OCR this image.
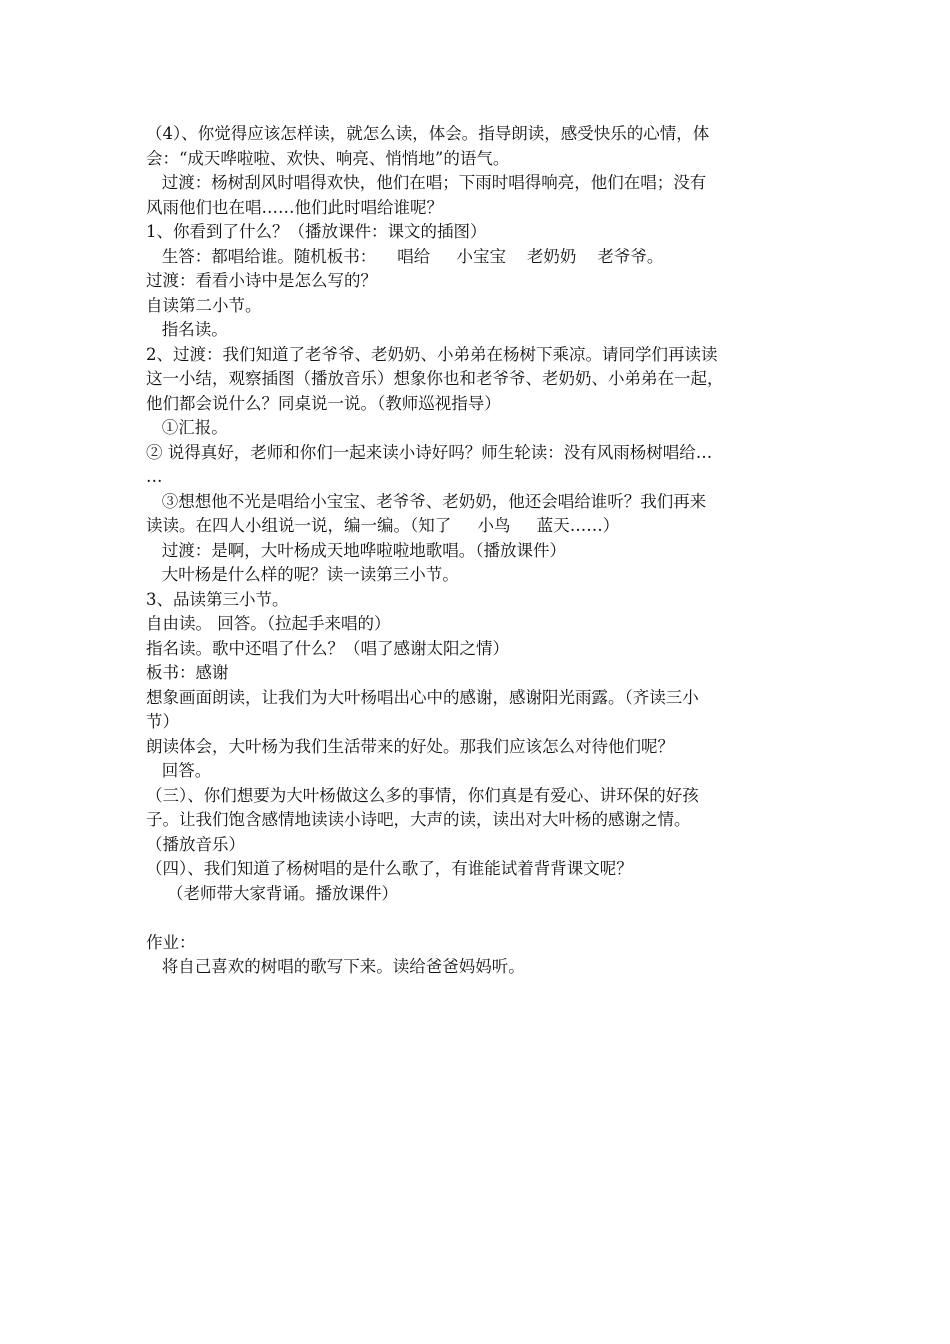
（4）、你觉得应该怎样读，就怎么读，体会。指导朗读，感受快乐的心情，体
会：“成天哗啦啦、欢快、响亮、悄悄地”的语气。
过渡：杨树刮风时唱得欢快，他们在唱；下雨时唱得响亮，他们在唱；没有
风雨他们也在唱……他们此时唱给谁呢？
1、你看到了什么？（播放课件：课文的插图）
生答：都唱给谁。随机板书：    唱给     小宝宝    老奶奶    老爷爷。
过渡：看看小诗中是怎么写的？
自读第二小节。
指名读。
2、过渡：我们知道了老爷爷、老奶奶、小弟弟在杨树下乘凉。请同学们再读读
这一小结，观察插图（播放音乐）想象你也和老爷爷、老奶奶、小弟弟在一起，
他们都会说什么？同桌说一说。（教师巡视指导）
①汇报。
② 说得真好，老师和你们一起来读小诗好吗？师生轮读：没有风雨杨树唱给…
…
③想想他不光是唱给小宝宝、老爷爷、老奶奶，他还会唱给谁听？我们再来
读读。在四人小组说一说，编一编。（知了     小鸟     蓝天……）
过渡：是啊，大叶杨成天地哗啦啦地歌唱。（播放课件）
大叶杨是什么样的呢？读一读第三小节。
3、品读第三小节。
自由读。 回答。（拉起手来唱的）
指名读。歌中还唱了什么？（唱了感谢太阳之情）
板书：感谢
想象画面朗读，让我们为大叶杨唱出心中的感谢，感谢阳光雨露。（齐读三小
节）
朗读体会，大叶杨为我们生活带来的好处。那我们应该怎么对待他们呢？
回答。
（三）、你们想要为大叶杨做这么多的事情，你们真是有爱心、讲环保的好孩
子。让我们饱含感情地读读小诗吧，大声的读，读出对大叶杨的感谢之情。
（播放音乐）
（四）、我们知道了杨树唱的是什么歌了，有谁能试着背背课文呢？
（老师带大家背诵。播放课件）
作业：
将自己喜欢的树唱的歌写下来。读给爸爸妈妈听。
